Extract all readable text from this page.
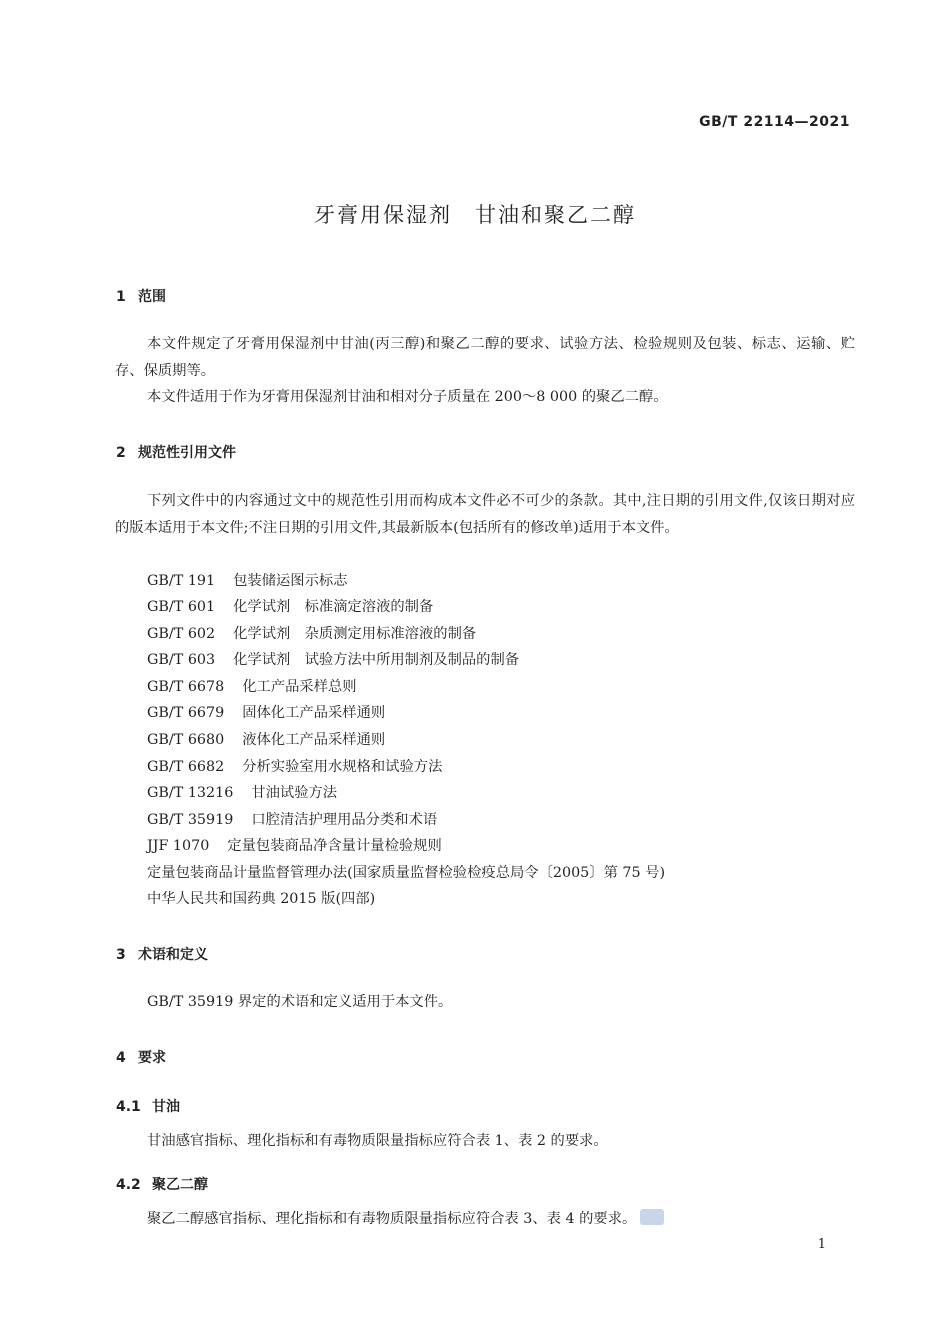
GB/T 22114—2021
牙膏用保湿剂　甘油和聚乙二醇
1 范围
本文件规定了牙膏用保湿剂中甘油(丙三醇)和聚乙二醇的要求、试验方法、检验规则及包装、标志、运输、贮存、保质期等。
本文件适用于作为牙膏用保湿剂甘油和相对分子质量在 200～8 000 的聚乙二醇。
2 规范性引用文件
下列文件中的内容通过文中的规范性引用而构成本文件必不可少的条款。其中,注日期的引用文件,仅该日期对应的版本适用于本文件;不注日期的引用文件,其最新版本(包括所有的修改单)适用于本文件。
GB/T 191 包装储运图示标志
GB/T 601 化学试剂　标准滴定溶液的制备
GB/T 602 化学试剂　杂质测定用标准溶液的制备
GB/T 603 化学试剂　试验方法中所用制剂及制品的制备
GB/T 6678 化工产品采样总则
GB/T 6679 固体化工产品采样通则
GB/T 6680 液体化工产品采样通则
GB/T 6682 分析实验室用水规格和试验方法
GB/T 13216 甘油试验方法
GB/T 35919 口腔清洁护理用品分类和术语
JJF 1070 定量包装商品净含量计量检验规则
定量包装商品计量监督管理办法(国家质量监督检验检疫总局令〔2005〕第 75 号)
中华人民共和国药典 2015 版(四部)
3 术语和定义
GB/T 35919 界定的术语和定义适用于本文件。
4 要求
4.1 甘油
甘油感官指标、理化指标和有毒物质限量指标应符合表 1、表 2 的要求。
4.2 聚乙二醇
聚乙二醇感官指标、理化指标和有毒物质限量指标应符合表 3、表 4 的要求。
1
